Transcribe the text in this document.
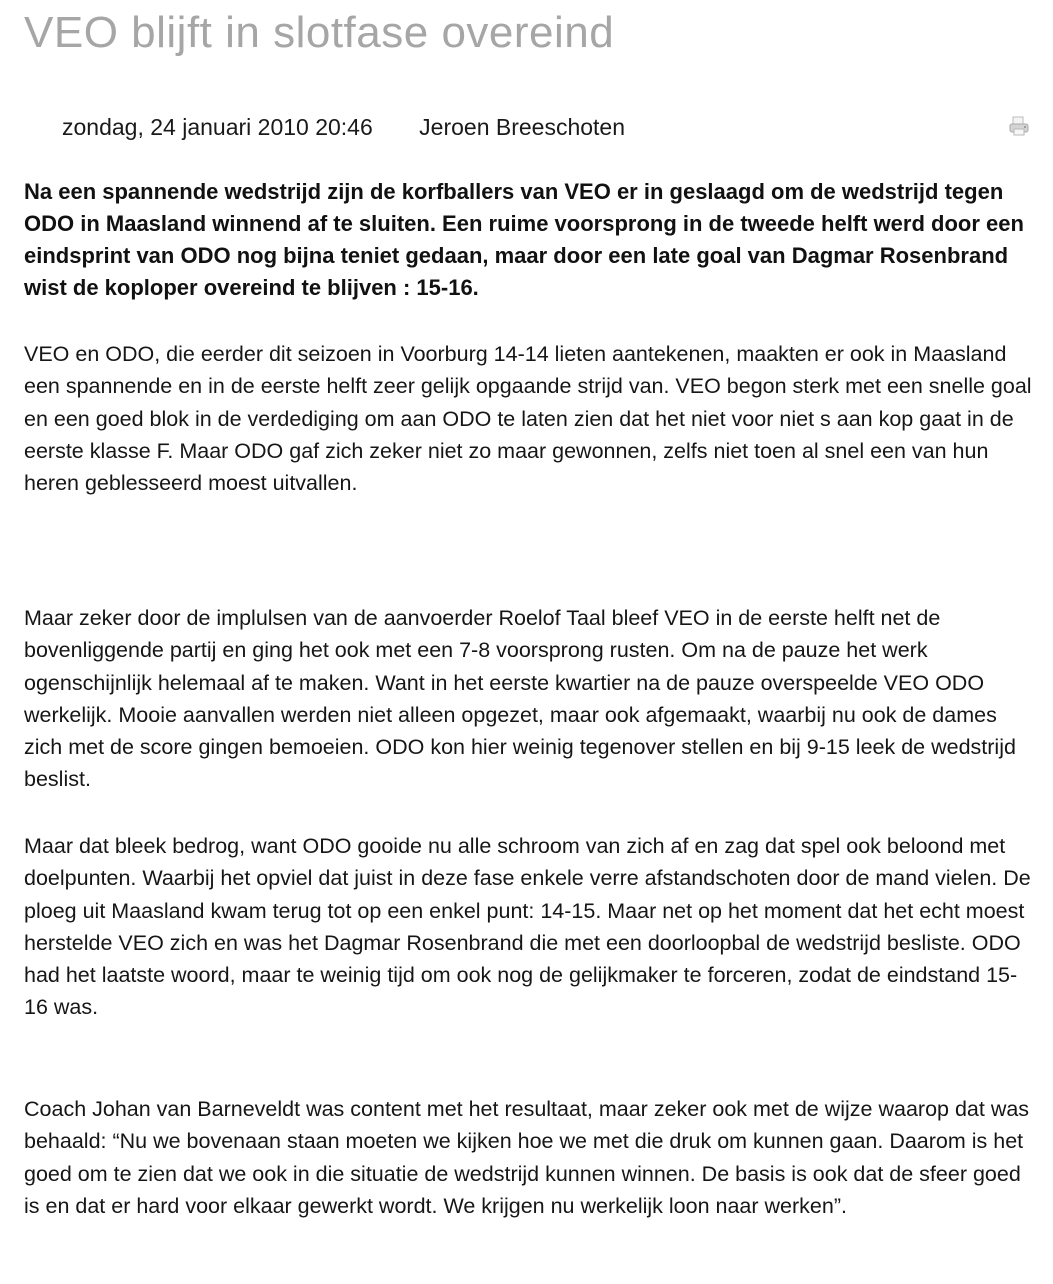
VEO blijft in slotfase overeind
zondag, 24 januari 2010 20:46 Jeroen Breeschoten

Na een spannende wedstrijd zijn de korfballers van VEO er in geslaagd om de wedstrijd tegen ODO in Maasland winnend af te sluiten. Een ruime voorsprong in de tweede helft werd door een eindsprint van ODO nog bijna teniet gedaan, maar door een late goal van Dagmar Rosenbrand wist de koploper overeind te blijven : 15-16.

VEO en ODO, die eerder dit seizoen in Voorburg 14-14 lieten aantekenen, maakten er ook in Maasland een spannende en in de eerste helft zeer gelijk opgaande strijd van. VEO begon sterk met een snelle goal en een goed blok in de verdediging om aan ODO te laten zien dat het niet voor niet s aan kop gaat in de eerste klasse F. Maar ODO gaf zich zeker niet zo maar gewonnen, zelfs niet toen al snel een van hun heren geblesseerd moest uitvallen.

Maar zeker door de implulsen van de aanvoerder Roelof Taal bleef VEO in de eerste helft net de bovenliggende partij en ging het ook met een 7-8 voorsprong rusten. Om na de pauze het werk ogenschijnlijk helemaal af te maken. Want in het eerste kwartier na de pauze overspeelde VEO ODO werkelijk. Mooie aanvallen werden niet alleen opgezet, maar ook afgemaakt, waarbij nu ook de dames zich met de score gingen bemoeien. ODO kon hier weinig tegenover stellen en bij 9-15 leek de wedstrijd beslist.

Maar dat bleek bedrog, want ODO gooide nu alle schroom van zich af en zag dat spel ook beloond met doelpunten. Waarbij het opviel dat juist in deze fase enkele verre afstandschoten door de mand vielen. De ploeg uit Maasland kwam terug tot op een enkel punt: 14-15. Maar net op het moment dat het echt moest herstelde VEO zich en was het Dagmar Rosenbrand die met een doorloopbal de wedstrijd besliste. ODO had het laatste woord, maar te weinig tijd om ook nog de gelijkmaker te forceren, zodat de eindstand 15-16 was.

Coach Johan van Barneveldt was content met het resultaat, maar zeker ook met de wijze waarop dat was behaald: “Nu we bovenaan staan moeten we kijken hoe we met die druk om kunnen gaan. Daarom is het goed om te zien dat we ook in die situatie de wedstrijd kunnen winnen. De basis is ook dat de sfeer goed is en dat er hard voor elkaar gewerkt wordt. We krijgen nu werkelijk loon naar werken”.
